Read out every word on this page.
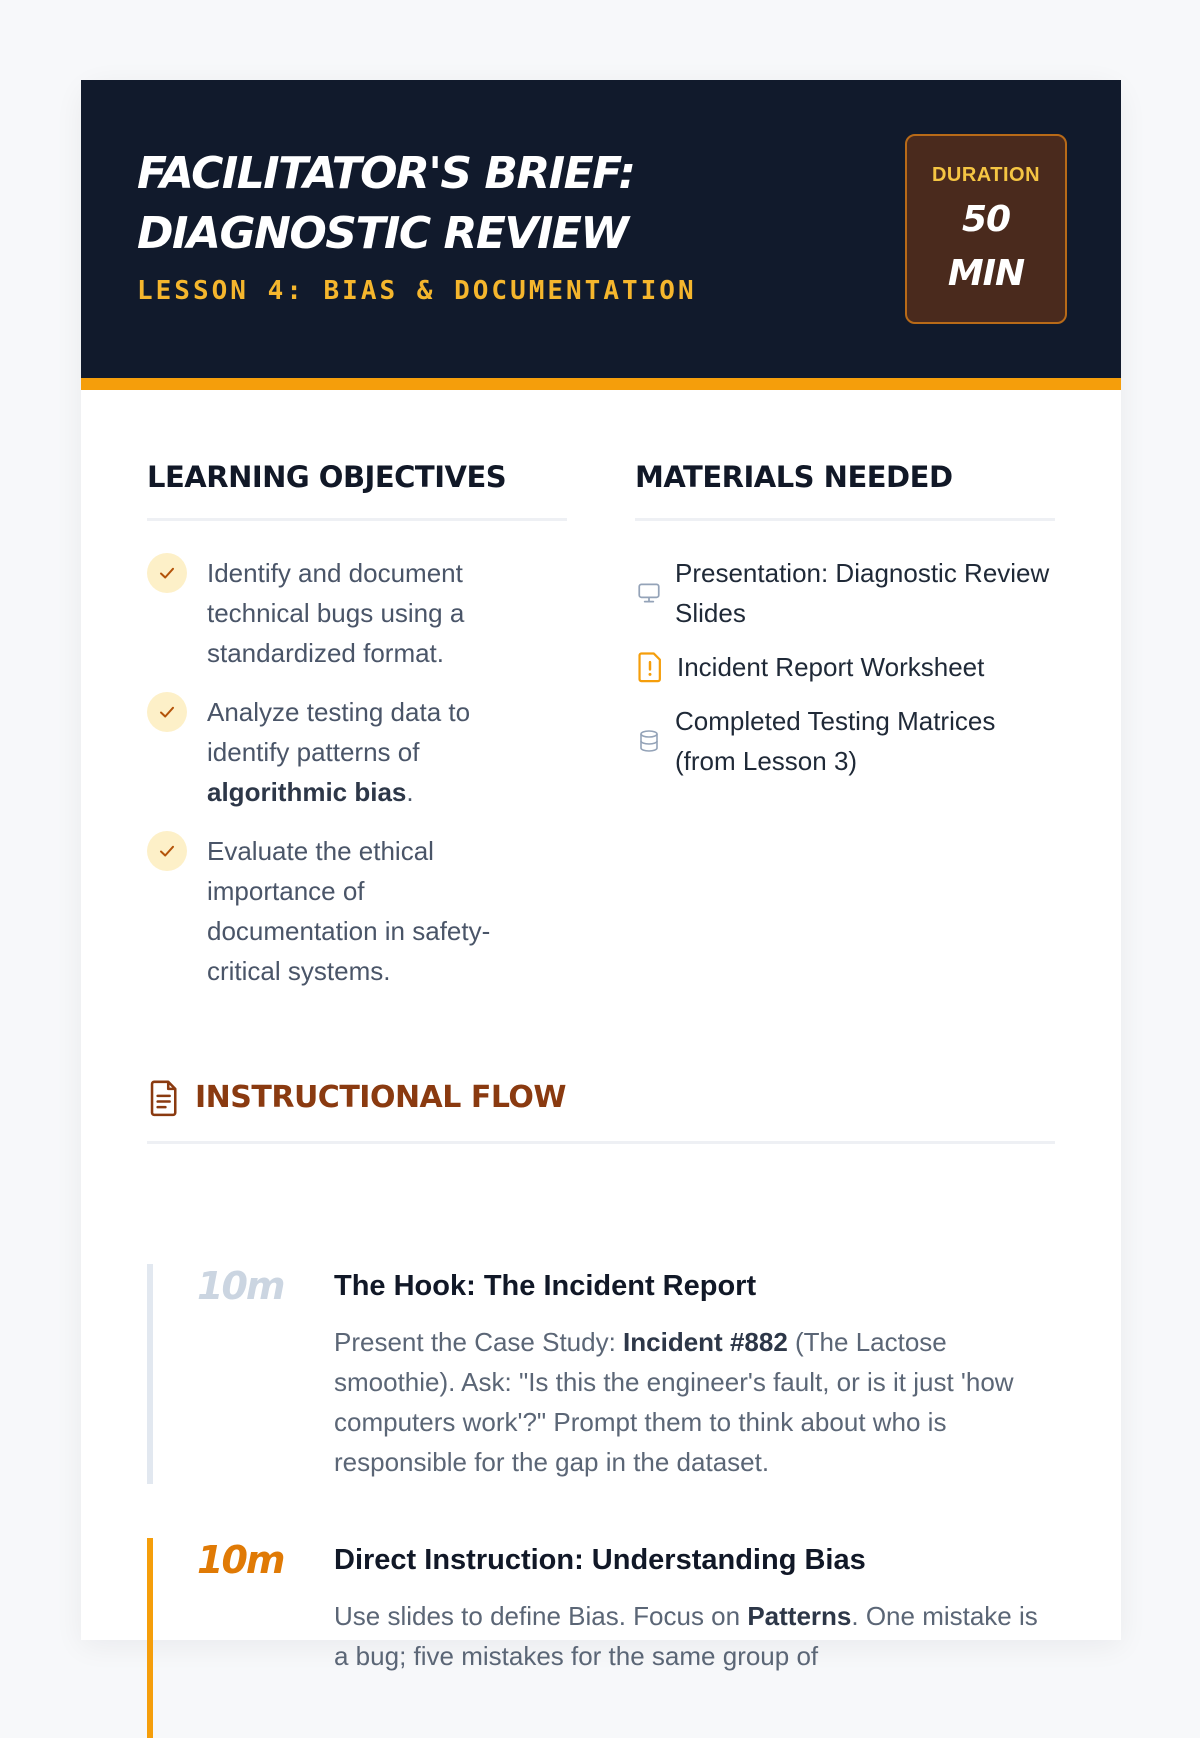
FACILITATOR'S BRIEF: DIAGNOSTIC REVIEW
LESSON 4: BIAS & DOCUMENTATION
DURATION
50 MIN
LEARNING OBJECTIVES
Identify and document technical bugs using a standardized format.
Analyze testing data to identify patterns of algorithmic bias.
Evaluate the ethical importance of documentation in safety-critical systems.
MATERIALS NEEDED
Presentation: Diagnostic Review Slides
Incident Report Worksheet
Completed Testing Matrices (from Lesson 3)
INSTRUCTIONAL FLOW
10m The Hook: The Incident Report
Present the Case Study: Incident #882 (The Lactose smoothie). Ask: "Is this the engineer's fault, or is it just 'how computers work'?" Prompt them to think about who is responsible for the gap in the dataset.
10m Direct Instruction: Understanding Bias
Use slides to define Bias. Focus on Patterns. One mistake is a bug; five mistakes for the same group of
